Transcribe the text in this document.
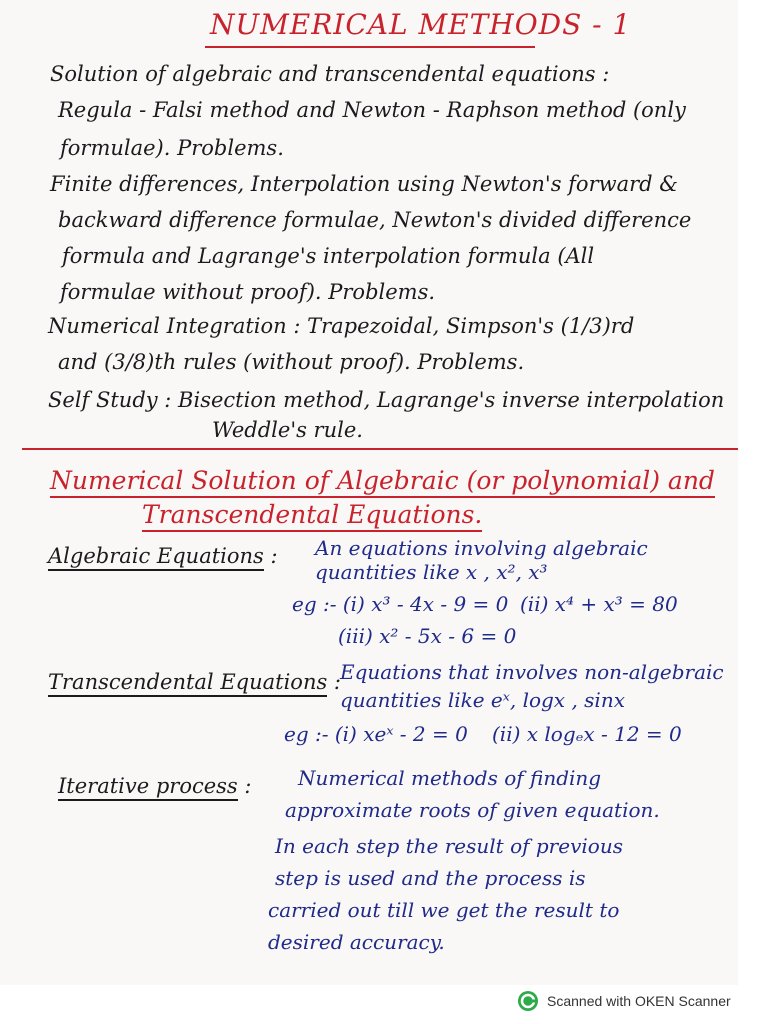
NUMERICAL METHODS - 1
Solution of algebraic and transcendental equations :
Regula - Falsi method and Newton - Raphson method (only
formulae). Problems.
Finite differences, Interpolation using Newton's forward &
backward difference formulae, Newton's divided difference
formula and Lagrange's interpolation formula (All
formulae without proof). Problems.
Numerical Integration : Trapezoidal, Simpson's (1/3)rd
and (3/8)th rules (without proof). Problems.
Self Study : Bisection method, Lagrange's inverse interpolation
Weddle's rule.
Numerical Solution of Algebraic (or polynomial) and
Transcendental Equations.
Algebraic Equations : An equations involving algebraic
quantities like x , x², x³
eg :- (i) x³ - 4x - 9 = 0 (ii) x⁴ + x³ = 80
(iii) x² - 5x - 6 = 0
Transcendental Equations :
Equations that involves non-algebraic
quantities like eˣ, logx , sinx
eg :- (i) xeˣ - 2 = 0 (ii) x logₑx - 12 = 0
Iterative process : Numerical methods of finding
approximate roots of given equation.
In each step the result of previous
step is used and the process is
carried out till we get the result to
desired accuracy.
Scanned with OKEN Scanner
